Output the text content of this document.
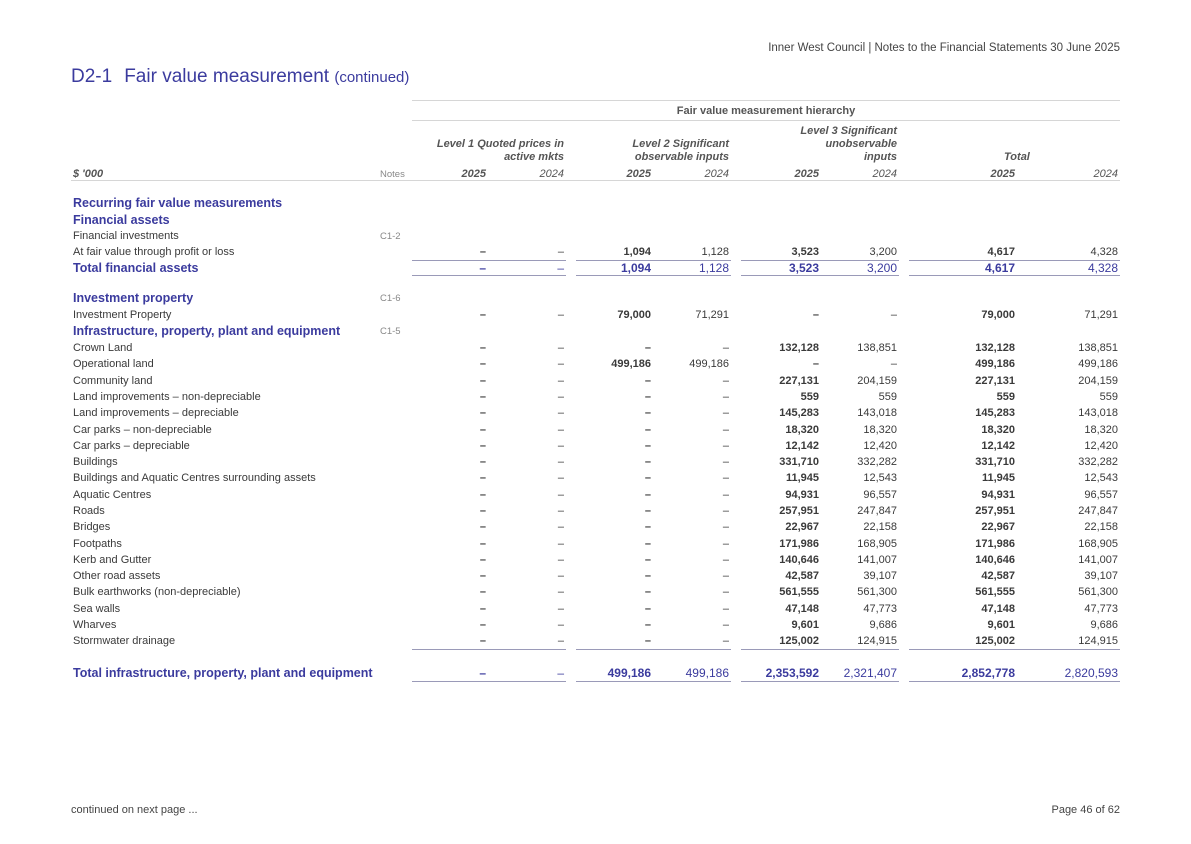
Inner West Council | Notes to the Financial Statements 30 June 2025
D2-1 Fair value measurement (continued)
		Fair value measurement hierarchy										
		Level 1 Quoted prices in active mkts			Level 2 Significant observable inputs			Level 3 Significant unobservable inputs			Total	
$ '000	Notes	2025	2024		2025	2024		2025	2024		2025	2024

Recurring fair value measurements												
Financial assets												
Financial investments	C1-2											
At fair value through profit or loss		–	–		1,094	1,128		3,523	3,200		4,617	4,328
Total financial assets		–	–		1,094	1,128		3,523	3,200		4,617	4,328

Investment property	C1-6											
Investment Property		–	–		79,000	71,291		–	–		79,000	71,291
Infrastructure, property, plant and equipment	C1-5											
Crown Land		–	–		–	–		132,128	138,851		132,128	138,851
Operational land		–	–		499,186	499,186		–	–		499,186	499,186
Community land		–	–		–	–		227,131	204,159		227,131	204,159
Land improvements – non-depreciable		–	–		–	–		559	559		559	559
Land improvements – depreciable		–	–		–	–		145,283	143,018		145,283	143,018
Car parks – non-depreciable		–	–		–	–		18,320	18,320		18,320	18,320
Car parks – depreciable		–	–		–	–		12,142	12,420		12,142	12,420
Buildings		–	–		–	–		331,710	332,282		331,710	332,282
Buildings and Aquatic Centres surrounding assets		–	–		–	–		11,945	12,543		11,945	12,543
Aquatic Centres		–	–		–	–		94,931	96,557		94,931	96,557
Roads		–	–		–	–		257,951	247,847		257,951	247,847
Bridges		–	–		–	–		22,967	22,158		22,967	22,158
Footpaths		–	–		–	–		171,986	168,905		171,986	168,905
Kerb and Gutter		–	–		–	–		140,646	141,007		140,646	141,007
Other road assets		–	–		–	–		42,587	39,107		42,587	39,107
Bulk earthworks (non-depreciable)		–	–		–	–		561,555	561,300		561,555	561,300
Sea walls		–	–		–	–		47,148	47,773		47,148	47,773
Wharves		–	–		–	–		9,601	9,686		9,601	9,686
Stormwater drainage		–	–		–	–		125,002	124,915		125,002	124,915
Total infrastructure, property, plant and equipment		–	–		499,186	499,186		2,353,592	2,321,407		2,852,778	2,820,593
continued on next page ...	Page 46 of 62
